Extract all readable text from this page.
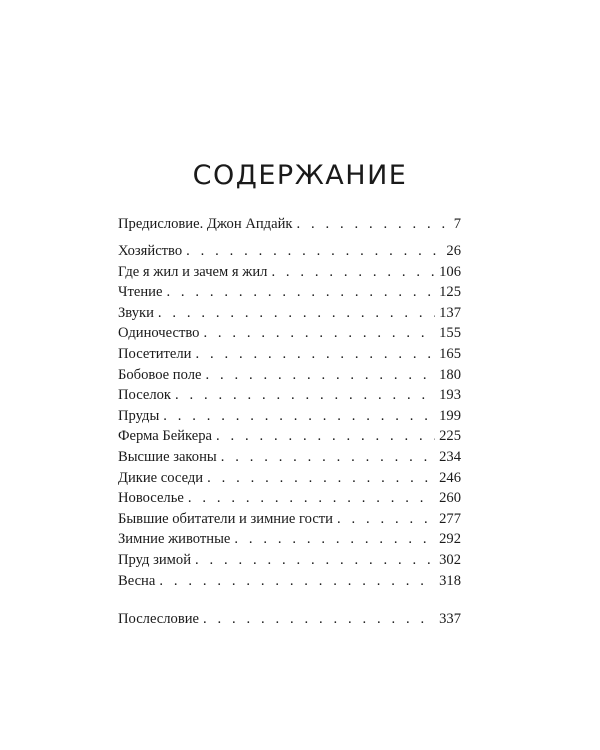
СОДЕРЖАНИЕ
Предисловие. Джон Апдайк . . .	7
Хозяйство . . .	26
Где я жил и зачем я жил . . .	106
Чтение . . .	125
Звуки . . .	137
Одиночество . . .	155
Посетители . . .	165
Бобовое поле . . .	180
Поселок . . .	193
Пруды . . .	199
Ферма Бейкера . . .	225
Высшие законы . . .	234
Дикие соседи . . .	246
Новоселье . . .	260
Бывшие обитатели и зимние гости . . .	277
Зимние животные . . .	292
Пруд зимой . . .	302
Весна . . .	318
Послесловие . . .	337
